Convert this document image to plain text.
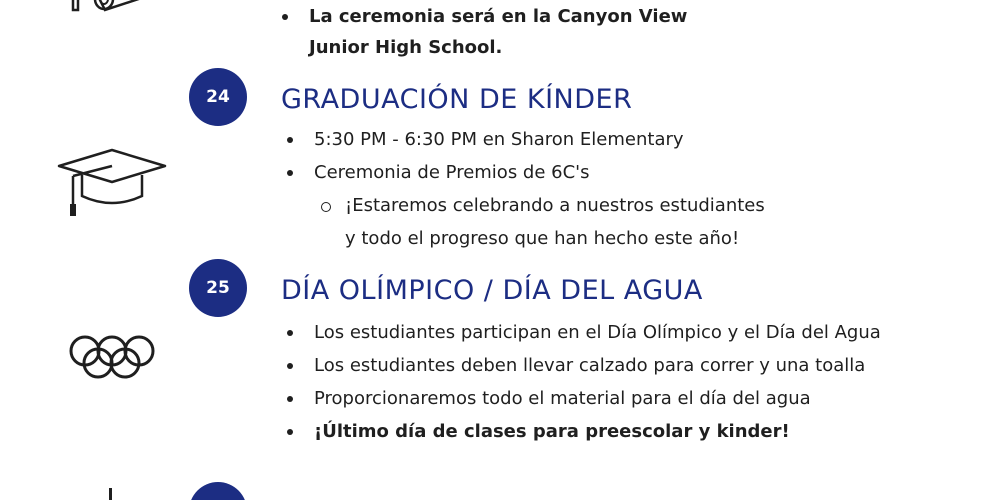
La ceremonia será en la Canyon View
Junior High School.
24	GRADUACIÓN DE KÍNDER
5:30 PM - 6:30 PM en Sharon Elementary
Ceremonia de Premios de 6C's
¡Estaremos celebrando a nuestros estudiantes
y todo el progreso que han hecho este año!
25	DÍA OLÍMPICO / DÍA DEL AGUA
Los estudiantes participan en el Día Olímpico y el Día del Agua
Los estudiantes deben llevar calzado para correr y una toalla
Proporcionaremos todo el material para el día del agua
¡Último día de clases para preescolar y kinder!
